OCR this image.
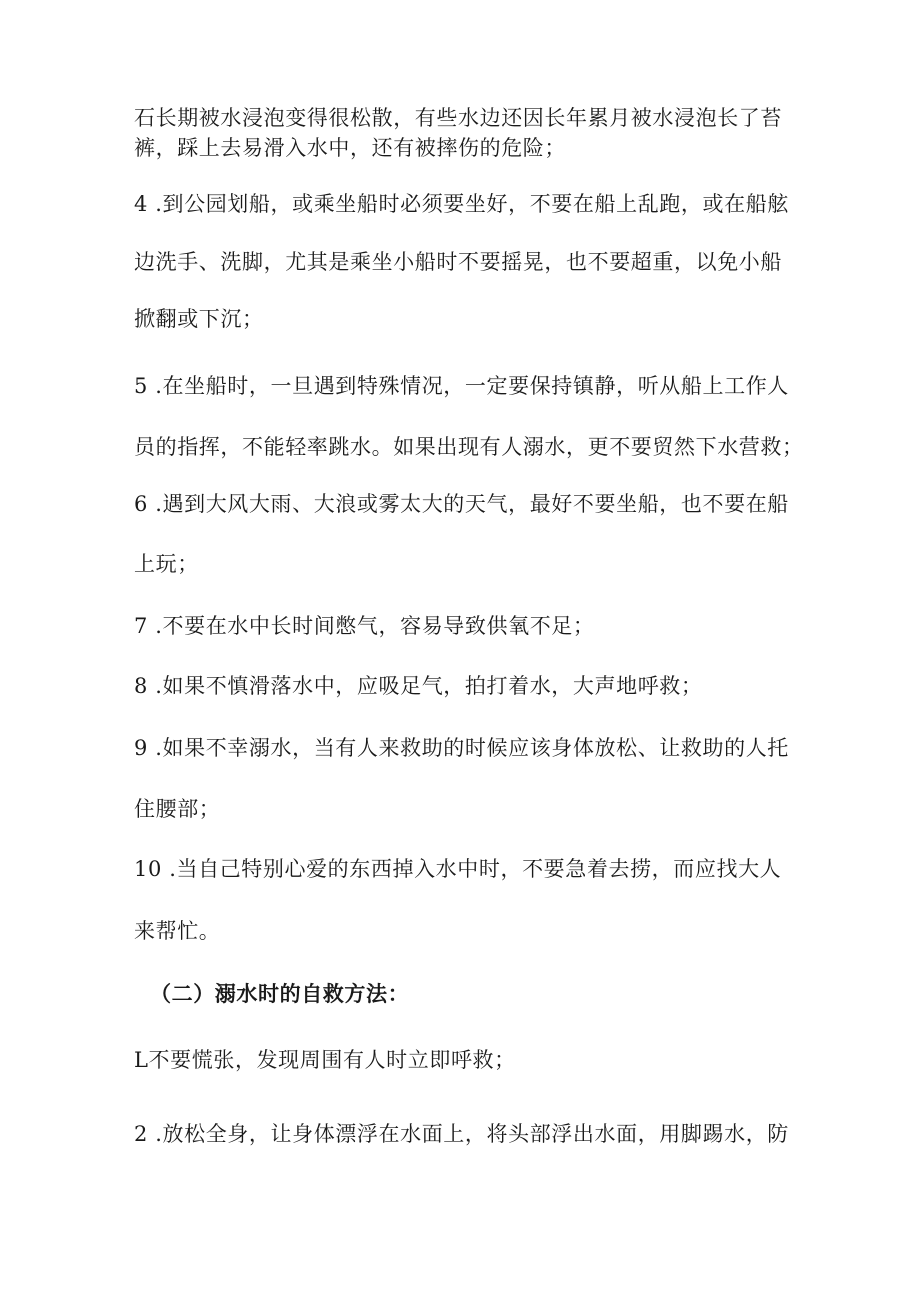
石长期被水浸泡变得很松散，有些水边还因长年累月被水浸泡长了苔
裤，踩上去易滑入水中，还有被摔伤的危险；
4 .到公园划船，或乘坐船时必须要坐好，不要在船上乱跑，或在船舷
边洗手、洗脚，尤其是乘坐小船时不要摇晃，也不要超重，以免小船
掀翻或下沉；
5 .在坐船时，一旦遇到特殊情况，一定要保持镇静，听从船上工作人
员的指挥，不能轻率跳水。如果出现有人溺水，更不要贸然下水营救；
6 .遇到大风大雨、大浪或雾太大的天气，最好不要坐船，也不要在船
上玩；
7 .不要在水中长时间憋气，容易导致供氧不足；
8 .如果不慎滑落水中，应吸足气，拍打着水，大声地呼救；
9 .如果不幸溺水，当有人来救助的时候应该身体放松、让救助的人托
住腰部；
10 .当自己特别心爱的东西掉入水中时，不要急着去捞，而应找大人
来帮忙。
（二）溺水时的自救方法：
L不要慌张，发现周围有人时立即呼救；
2 .放松全身，让身体漂浮在水面上，将头部浮出水面，用脚踢水，防
